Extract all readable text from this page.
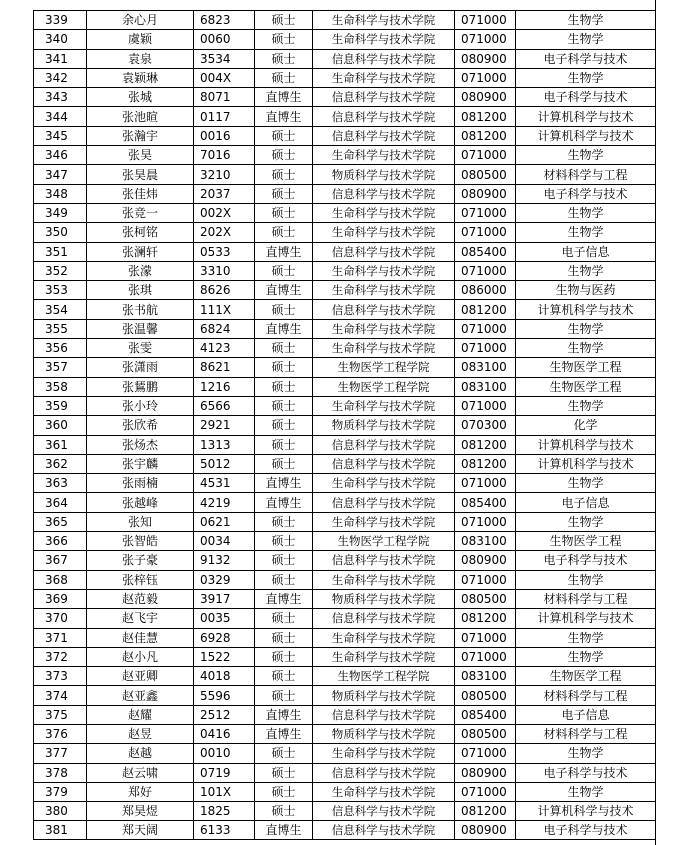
339	余心月	6823	硕士	生命科学与技术学院	071000	生物学
340	虞颖	0060	硕士	生命科学与技术学院	071000	生物学
341	袁泉	3534	硕士	信息科学与技术学院	080900	电子科学与技术
342	袁颖琳	004X	硕士	生命科学与技术学院	071000	生物学
343	张城	8071	直博生	信息科学与技术学院	080900	电子科学与技术
344	张池暄	0117	直博生	信息科学与技术学院	081200	计算机科学与技术
345	张瀚宇	0016	硕士	信息科学与技术学院	081200	计算机科学与技术
346	张昊	7016	硕士	生命科学与技术学院	071000	生物学
347	张昊晨	3210	硕士	物质科学与技术学院	080500	材料科学与工程
348	张佳炜	2037	硕士	信息科学与技术学院	080900	电子科学与技术
349	张竞一	002X	硕士	生命科学与技术学院	071000	生物学
350	张柯铭	202X	硕士	生命科学与技术学院	071000	生物学
351	张澜轩	0533	直博生	信息科学与技术学院	085400	电子信息
352	张濛	3310	硕士	生命科学与技术学院	071000	生物学
353	张琪	8626	直博生	生命科学与技术学院	086000	生物与医药
354	张书航	111X	硕士	信息科学与技术学院	081200	计算机科学与技术
355	张温馨	6824	直博生	生命科学与技术学院	071000	生物学
356	张雯	4123	硕士	生命科学与技术学院	071000	生物学
357	张潇雨	8621	硕士	生物医学工程学院	083100	生物医学工程
358	张鵟鹏	1216	硕士	生物医学工程学院	083100	生物医学工程
359	张小玲	6566	硕士	生命科学与技术学院	071000	生物学
360	张欣希	2921	硕士	物质科学与技术学院	070300	化学
361	张炀杰	1313	硕士	信息科学与技术学院	081200	计算机科学与技术
362	张宇麟	5012	硕士	信息科学与技术学院	081200	计算机科学与技术
363	张雨楠	4531	直博生	生命科学与技术学院	071000	生物学
364	张越峰	4219	直博生	信息科学与技术学院	085400	电子信息
365	张知	0621	硕士	生命科学与技术学院	071000	生物学
366	张智皓	0034	硕士	生物医学工程学院	083100	生物医学工程
367	张子豪	9132	硕士	信息科学与技术学院	080900	电子科学与技术
368	张梓钰	0329	硕士	生命科学与技术学院	071000	生物学
369	赵范毅	3917	直博生	物质科学与技术学院	080500	材料科学与工程
370	赵飞宇	0035	硕士	信息科学与技术学院	081200	计算机科学与技术
371	赵佳慧	6928	硕士	生命科学与技术学院	071000	生物学
372	赵小凡	1522	硕士	生命科学与技术学院	071000	生物学
373	赵亚卿	4018	硕士	生物医学工程学院	083100	生物医学工程
374	赵亚鑫	5596	硕士	物质科学与技术学院	080500	材料科学与工程
375	赵耀	2512	直博生	信息科学与技术学院	085400	电子信息
376	赵昱	0416	直博生	物质科学与技术学院	080500	材料科学与工程
377	赵越	0010	硕士	生命科学与技术学院	071000	生物学
378	赵云啸	0719	硕士	信息科学与技术学院	080900	电子科学与技术
379	郑好	101X	硕士	生命科学与技术学院	071000	生物学
380	郑昊煜	1825	硕士	信息科学与技术学院	081200	计算机科学与技术
381	郑天阔	6133	直博生	信息科学与技术学院	080900	电子科学与技术
